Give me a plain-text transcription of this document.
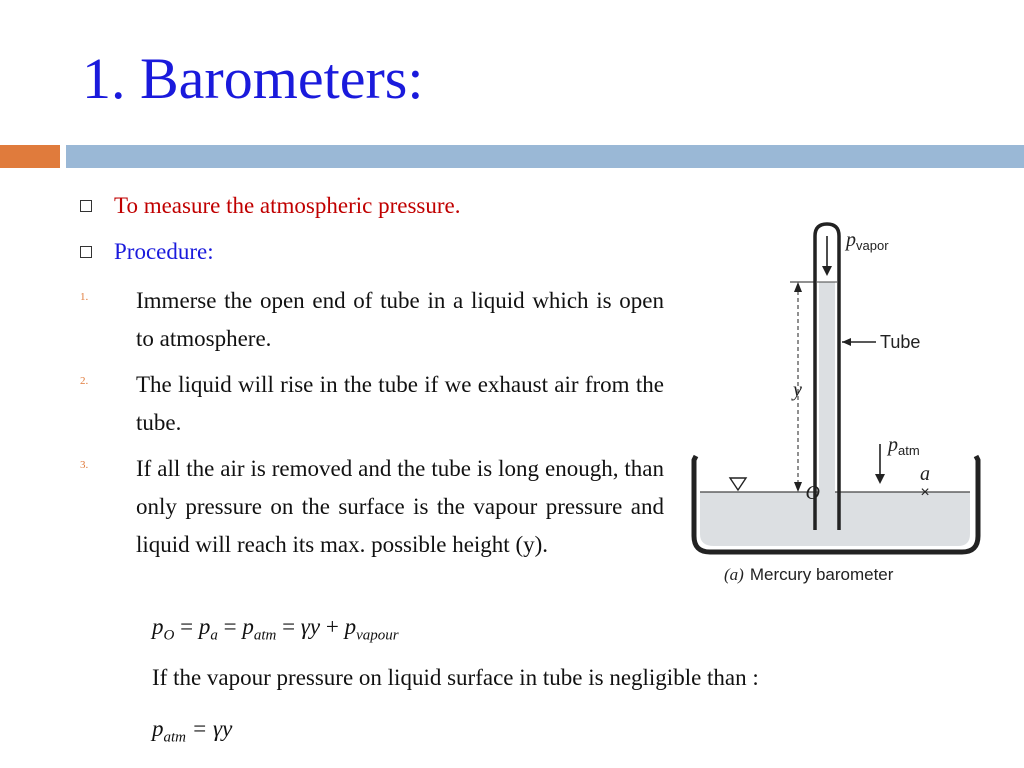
1. Barometers:
To measure the atmospheric pressure.
Procedure:
1. Immerse the open end of tube in a liquid which is open to atmosphere.
2. The liquid will rise in the tube if we exhaust air from the tube.
3. If all the air is removed and the tube is long enough, than only pressure on the surface is the vapour pressure and liquid will reach its max. possible height (y).
$p_O = p_a = p_{atm} = \gamma y + p_{vapour}$
If the vapour pressure on liquid surface in tube is negligible than :
$p_{atm} = \gamma y$
$p_{vapor}$
Tube
y
O
$p_{atm}$
a
×
(a) Mercury barometer
